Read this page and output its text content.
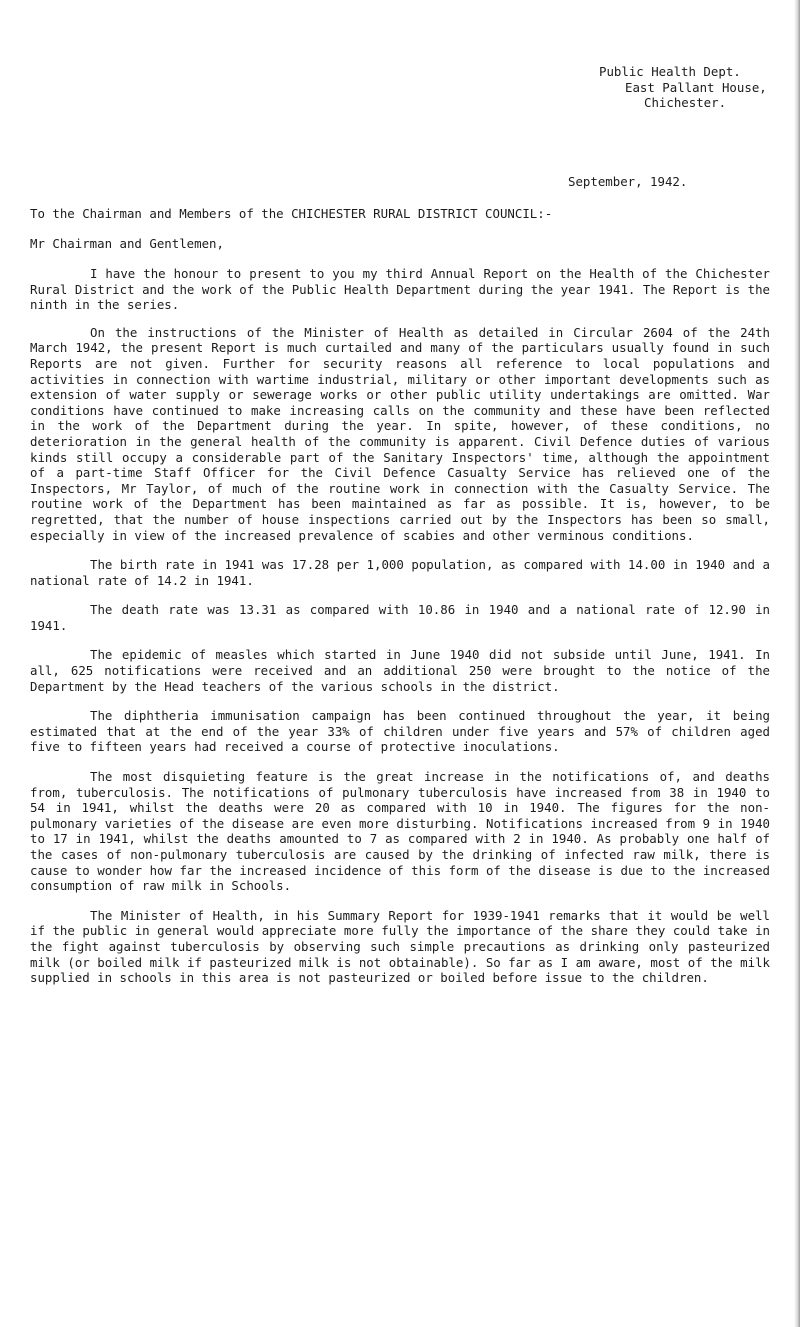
Public Health Dept.
East Pallant House,
Chichester.
September, 1942.
To the Chairman and Members of the CHICHESTER RURAL DISTRICT COUNCIL:-
Mr Chairman and Gentlemen,

I have the honour to present to you my third Annual Report on the Health of the Chichester Rural District and the work of the Public Health Department during the year 1941. The Report is the ninth in the series.

On the instructions of the Minister of Health as detailed in Circular 2604 of the 24th March 1942, the present Report is much curtailed and many of the particulars usually found in such Reports are not given. Further for security reasons all reference to local populations and activities in connection with wartime industrial, military or other important developments such as extension of water supply or sewerage works or other public utility undertakings are omitted. War conditions have continued to make increasing calls on the community and these have been reflected in the work of the Department during the year. In spite, however, of these conditions, no deterioration in the general health of the community is apparent. Civil Defence duties of various kinds still occupy a considerable part of the Sanitary Inspectors' time, although the appointment of a part-time Staff Officer for the Civil Defence Casualty Service has relieved one of the Inspectors, Mr Taylor, of much of the routine work in connection with the Casualty Service. The routine work of the Department has been maintained as far as possible. It is, however, to be regretted, that the number of house inspections carried out by the Inspectors has been so small, especially in view of the increased prevalence of scabies and other verminous conditions.

The birth rate in 1941 was 17.28 per 1,000 population, as compared with 14.00 in 1940 and a national rate of 14.2 in 1941.

The death rate was 13.31 as compared with 10.86 in 1940 and a national rate of 12.90 in 1941.

The epidemic of measles which started in June 1940 did not subside until June, 1941. In all, 625 notifications were received and an additional 250 were brought to the notice of the Department by the Head teachers of the various schools in the district.

The diphtheria immunisation campaign has been continued throughout the year, it being estimated that at the end of the year 33% of children under five years and 57% of children aged five to fifteen years had received a course of protective inoculations.

The most disquieting feature is the great increase in the notifications of, and deaths from, tuberculosis. The notifications of pulmonary tuberculosis have increased from 38 in 1940 to 54 in 1941, whilst the deaths were 20 as compared with 10 in 1940. The figures for the non-pulmonary varieties of the disease are even more disturbing. Notifications increased from 9 in 1940 to 17 in 1941, whilst the deaths amounted to 7 as compared with 2 in 1940. As probably one half of the cases of non-pulmonary tuberculosis are caused by the drinking of infected raw milk, there is cause to wonder how far the increased incidence of this form of the disease is due to the increased consumption of raw milk in Schools.

The Minister of Health, in his Summary Report for 1939-1941 remarks that it would be well if the public in general would appreciate more fully the importance of the share they could take in the fight against tuberculosis by observing such simple precautions as drinking only pasteurized milk (or boiled milk if pasteurized milk is not obtainable). So far as I am aware, most of the milk supplied in schools in this area is not pasteurized or boiled before issue to the children.
